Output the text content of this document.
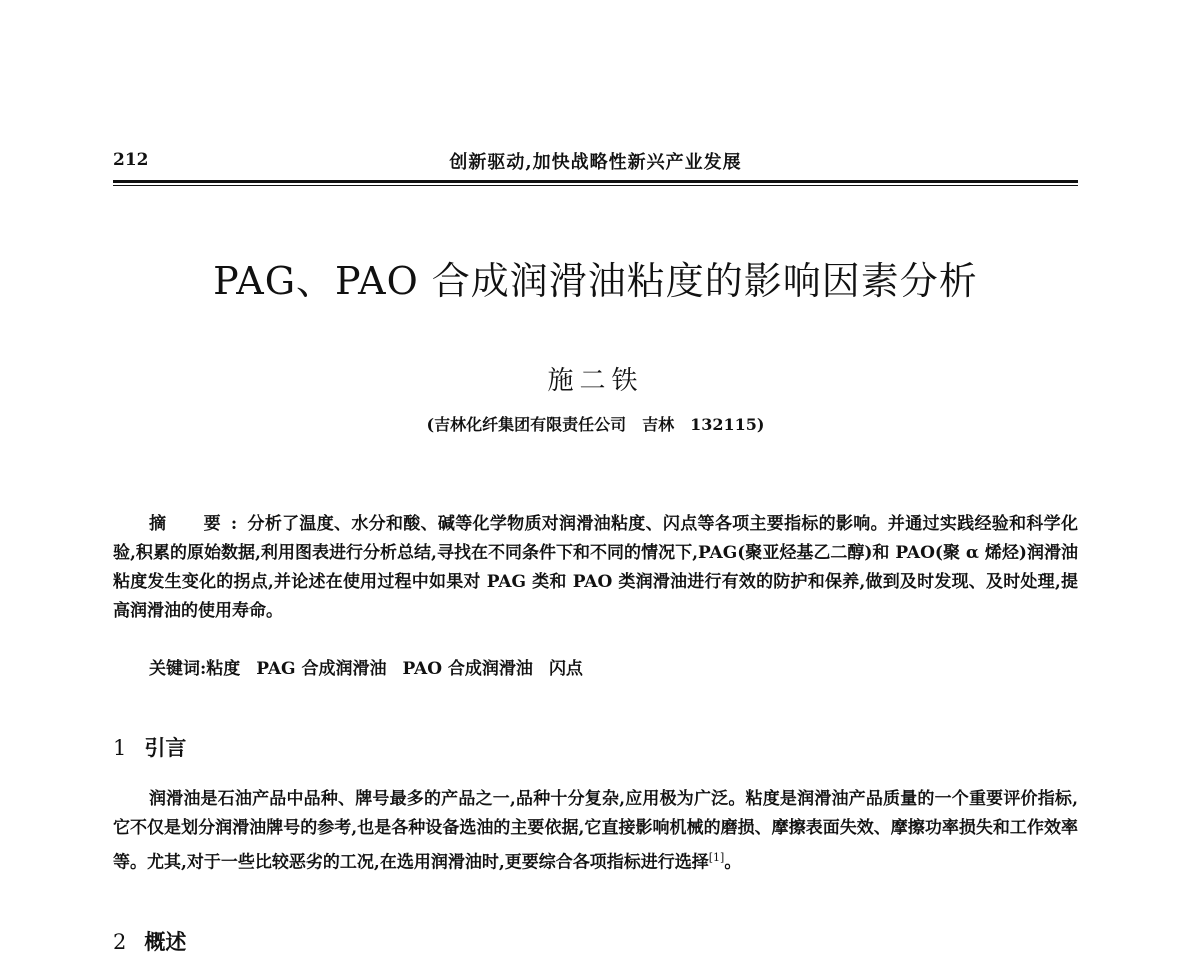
212	创新驱动,加快战略性新兴产业发展
PAG、PAO 合成润滑油粘度的影响因素分析
施二铁
(吉林化纤集团有限责任公司　吉林　132115)

摘　要:分析了温度、水分和酸、碱等化学物质对润滑油粘度、闪点等各项主要指标的影响。并通过实践经验和科学化验,积累的原始数据,利用图表进行分析总结,寻找在不同条件下和不同的情况下,PAG(聚亚烃基乙二醇)和 PAO(聚 α 烯烃)润滑油粘度发生变化的拐点,并论述在使用过程中如果对 PAG 类和 PAO 类润滑油进行有效的防护和保养,做到及时发现、及时处理,提高润滑油的使用寿命。

关键词:粘度 PAG 合成润滑油 PAO 合成润滑油 闪点

1 引言

润滑油是石油产品中品种、牌号最多的产品之一,品种十分复杂,应用极为广泛。粘度是润滑油产品质量的一个重要评价指标,它不仅是划分润滑油牌号的参考,也是各种设备选油的主要依据,它直接影响机械的磨损、摩擦表面失效、摩擦功率损失和工作效率等。尤其,对于一些比较恶劣的工况,在选用润滑油时,更要综合各项指标进行选择[1]。

2 概述
